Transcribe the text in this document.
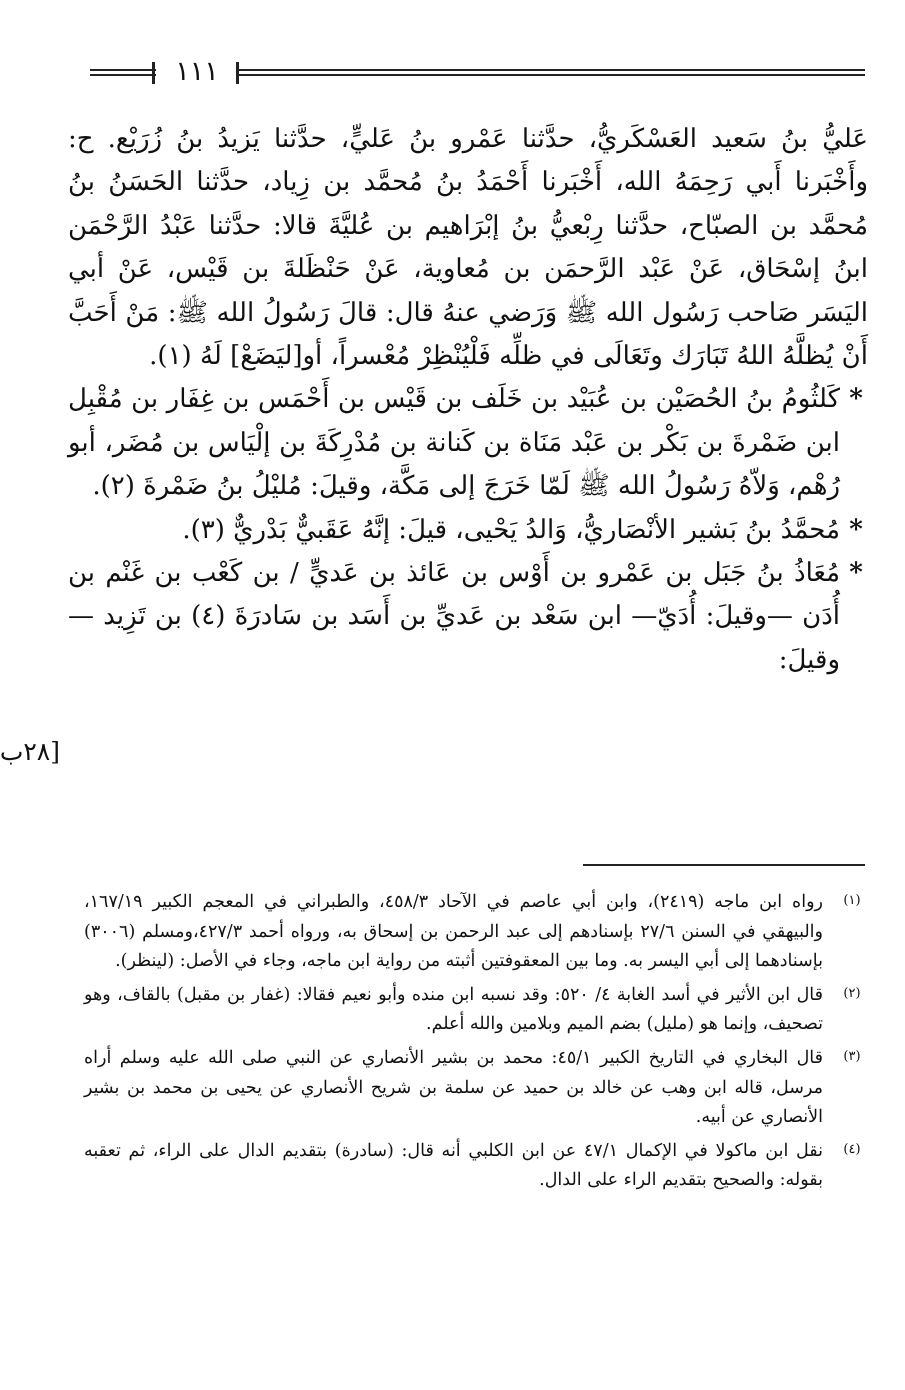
١١١

عَليُّ بنُ سَعيد العَسْكَريُّ، حدَّثنا عَمْرو بنُ عَليٍّ، حدَّثنا يَزيدُ بنُ زُرَيْع. ح: وأَخْبَرنا أَبي رَحِمَهُ الله، أَخْبَرنا أَحْمَدُ بنُ مُحمَّد بن زِياد، حدَّثنا الحَسَنُ بنُ مُحمَّد بن الصبّاح، حدَّثنا رِبْعيُّ بنُ إبْرَاهيم بن عُليَّةَ قالا: حدَّثنا عَبْدُ الرَّحْمَن ابنُ إسْحَاق، عَنْ عَبْد الرَّحمَن بن مُعاوية، عَنْ حَنْظَلةَ بن قَيْس، عَنْ أبي اليَسَر صَاحب رَسُول الله ﷺ وَرَضي عنهُ قال: قالَ رَسُولُ الله ﷺ: مَنْ أَحَبَّ أَنْ يُظلَّهُ اللهُ تَبَارَك وتَعَالَى في ظلِّه فَلْيُنْظِرْ مُعْسراً، أو[ليَضَعْ] لَهُ (١).

*
كَلثُومُ بنُ الحُصَيْن بن عُبَيْد بن خَلَف بن قَيْس بن أَحْمَس بن غِفَار بن مُقْبِل ابن ضَمْرةَ بن بَكْر بن عَبْد مَنَاة بن كَنانة بن مُدْرِكَةَ بن إلْيَاس بن مُضَر، أبو رُهْم، وَلاّهُ رَسُولُ الله ﷺ لَمّا خَرَجَ إلى مَكَّة، وقيلَ: مُليْلُ بنُ ضَمْرةَ (٢).

*
مُحمَّدُ بنُ بَشير الأنْصَاريُّ، وَالدُ يَحْيى، قيلَ: إنَّهُ عَقَبيٌّ بَدْريٌّ (٣).

*
مُعَاذُ بنُ جَبَل بن عَمْرو بن أَوْس بن عَائذ بن عَديٍّ / بن كَعْب بن غَنْم بن أُدَن —وقيلَ: أُدَيّ— ابن سَعْد بن عَديِّ بن أَسَد بن سَادرَةَ (٤) بن تَزِيد —وقيلَ:

[٢٨ب

(١)
رواه ابن ماجه (٢٤١٩)، وابن أبي عاصم في الآحاد ٤٥٨/٣، والطبراني في المعجم الكبير ١٦٧/١٩، والبيهقي في السنن ٢٧/٦ بإسنادهم إلى عبد الرحمن بن إسحاق به، ورواه أحمد ٤٢٧/٣،ومسلم (٣٠٠٦) بإسنادهما إلى أبي اليسر به. وما بين المعقوفتين أثبته من رواية ابن ماجه، وجاء في الأصل: (لينظر).

(٢)
قال ابن الأثير في أسد الغابة ٤/ ٥٢٠: وقد نسبه ابن منده وأبو نعيم فقالا: (غفار بن مقبل) بالقاف، وهو تصحيف، وإنما هو (مليل) بضم الميم وبلامين والله أعلم.

(٣)
قال البخاري في التاريخ الكبير ٤٥/١: محمد بن بشير الأنصاري عن النبي صلى الله عليه وسلم أراه مرسل، قاله ابن وهب عن خالد بن حميد عن سلمة بن شريح الأنصاري عن يحيى بن محمد بن بشير الأنصاري عن أبيه.

(٤)
نقل ابن ماكولا في الإكمال ٤٧/١ عن ابن الكلبي أنه قال: (سادرة) بتقديم الدال على الراء، ثم تعقبه بقوله: والصحيح بتقديم الراء على الدال.
